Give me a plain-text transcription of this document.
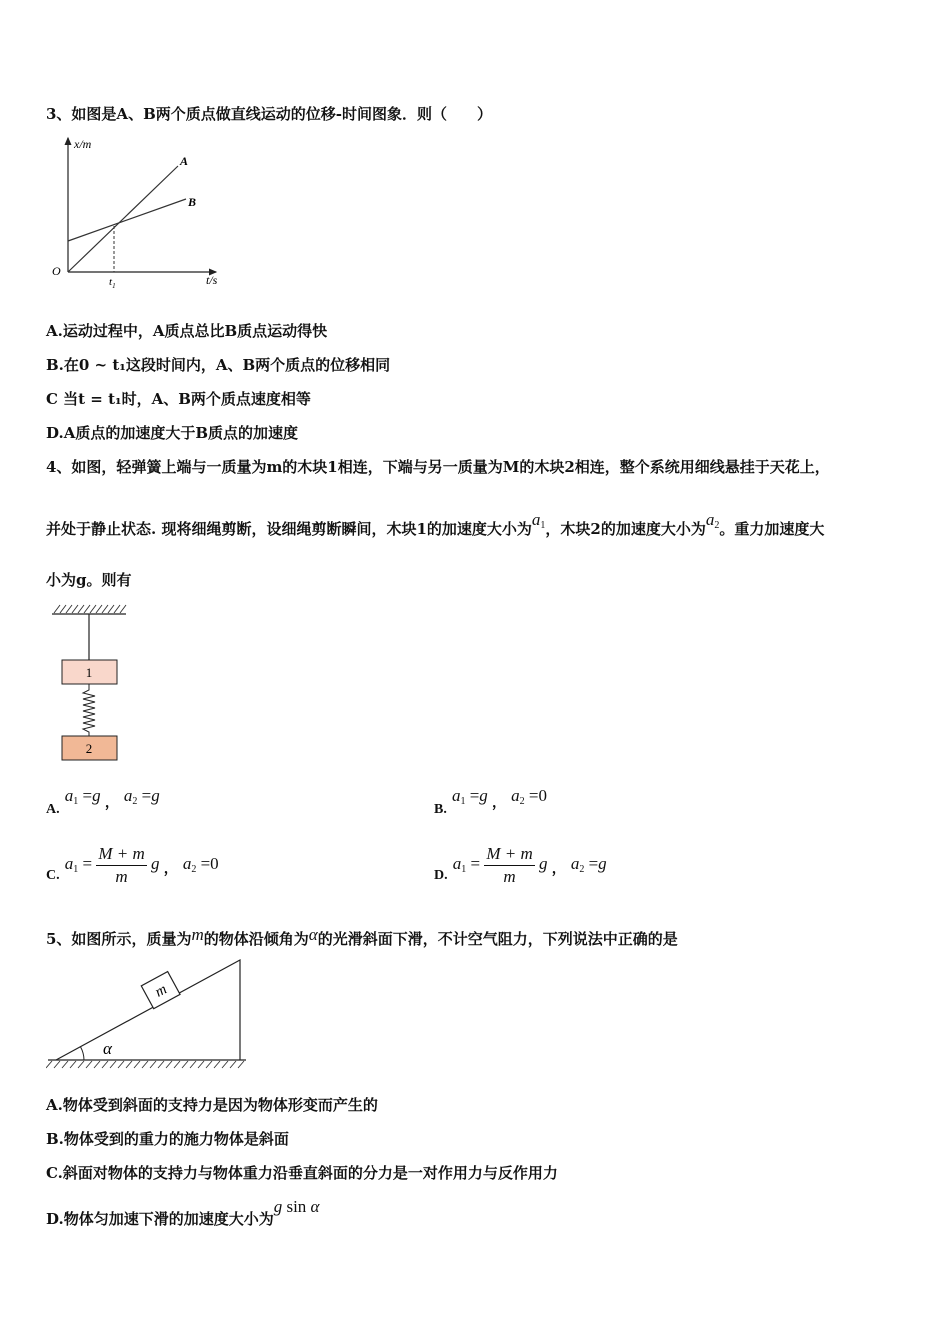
3、如图是A、B两个质点做直线运动的位移-时间图象．则（　　）
x/m
t/s
O
$t_1$
A
B
A.运动过程中，A质点总比B质点运动得快
B.在0 ~ t₁这段时间内，A、B两个质点的位移相同
C 当t = t₁时，A、B两个质点速度相等
D.A质点的加速度大于B质点的加速度
4、如图，轻弹簧上端与一质量为m的木块1相连，下端与另一质量为M的木块2相连，整个系统用细线悬挂于天花上，
并处于静止状态. 现将细绳剪断，设细绳剪断瞬间，木块1的加速度大小为$a_1$，木块2的加速度大小为$a_2$。重力加速度大
小为g。则有
1
2
A. $a_1 =g$ ， $a_2 =g$
B. $a_1 =g$ ， $a_2 =0$
C. $a_1 = \frac{M + m}{m}$ g ， $a_2 =0$
D. $a_1 = \frac{M + m}{m}$ g ， $a_2 =g$
5、如图所示，质量为m的物体沿倾角为α的光滑斜面下滑，不计空气阻力，下列说法中正确的是
m
α
A.物体受到斜面的支持力是因为物体形变而产生的
B.物体受到的重力的施力物体是斜面
C.斜面对物体的支持力与物体重力沿垂直斜面的分力是一对作用力与反作用力
D.物体匀加速下滑的加速度大小为g sin α
